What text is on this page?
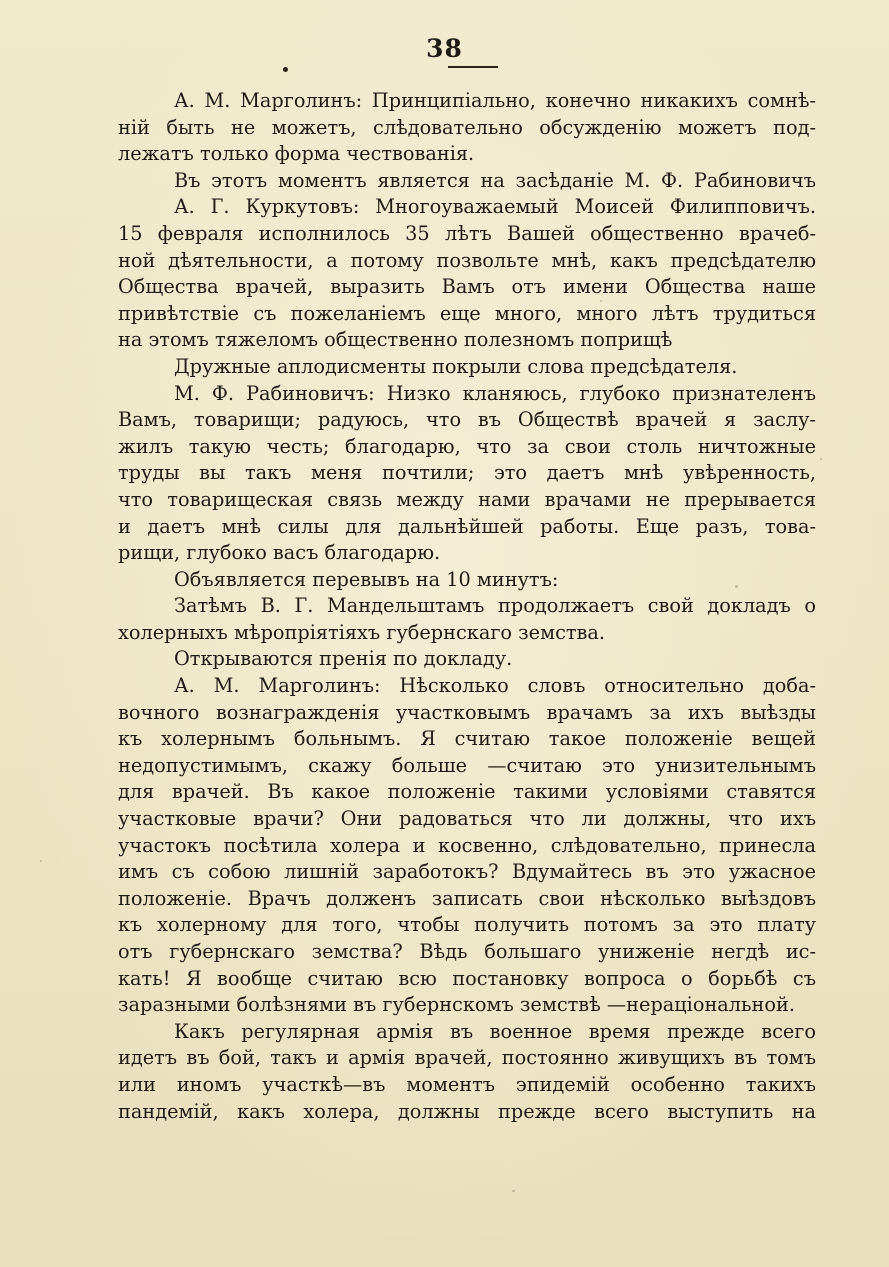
38
А. М. Марголинъ: Принципіально, конечно никакихъ сомнѣ-
ній быть не можетъ, слѣдовательно обсужденію можетъ под-
лежатъ только форма чествованія.
Въ этотъ моментъ является на засѣданіе М. Ф. Рабиновичъ
А. Г. Куркутовъ: Многоуважаемый Моисей Филипповичъ.
15 февраля исполнилось 35 лѣтъ Вашей общественно врачеб-
ной дѣятельности, а потому позвольте мнѣ, какъ предсѣдателю
Общества врачей, выразить Вамъ отъ имени Общества наше
привѣтствіе съ пожеланіемъ еще много, много лѣтъ трудиться
на этомъ тяжеломъ общественно полезномъ поприщѣ
Дружные аплодисменты покрыли слова предсѣдателя.
М. Ф. Рабиновичъ: Низко кланяюсь, глубоко признателенъ
Вамъ, товарищи; радуюсь, что въ Обществѣ врачей я заслу-
жилъ такую честь; благодарю, что за свои столь ничтожные
труды вы такъ меня почтили; это даетъ мнѣ увѣренность,
что товарищеская связь между нами врачами не прерывается
и даетъ мнѣ силы для дальнѣйшей работы. Еще разъ, това-
рищи, глубоко васъ благодарю.
Объявляется перевывъ на 10 минутъ:
Затѣмъ В. Г. Мандельштамъ продолжаетъ свой докладъ о
холерныхъ мѣропріятіяхъ губернскаго земства.
Открываются пренія по докладу.
А. М. Марголинъ: Нѣсколько словъ относительно доба-
вочного вознагражденія участковымъ врачамъ за ихъ выѣзды
къ холернымъ больнымъ. Я считаю такое положеніе вещей
недопустимымъ, скажу больше —считаю это унизительнымъ
для врачей. Въ какое положеніе такими условіями ставятся
участковые врачи? Они радоваться что ли должны, что ихъ
участокъ посѣтила холера и косвенно, слѣдовательно, принесла
имъ съ собою лишній заработокъ? Вдумайтесь въ это ужасное
положеніе. Врачъ долженъ записать свои нѣсколько выѣздовъ
къ холерному для того, чтобы получить потомъ за это плату
отъ губернскаго земства? Вѣдь большаго униженіе негдѣ ис-
кать! Я вообще считаю всю постановку вопроса о борьбѣ съ
заразными болѣзнями въ губернскомъ земствѣ —нераціональной.
Какъ регулярная армія въ военное время прежде всего
идетъ въ бой, такъ и армія врачей, постоянно живущихъ въ томъ
или иномъ участкѣ—въ моментъ эпидемій особенно такихъ
пандемій, какъ холера, должны прежде всего выступить на
